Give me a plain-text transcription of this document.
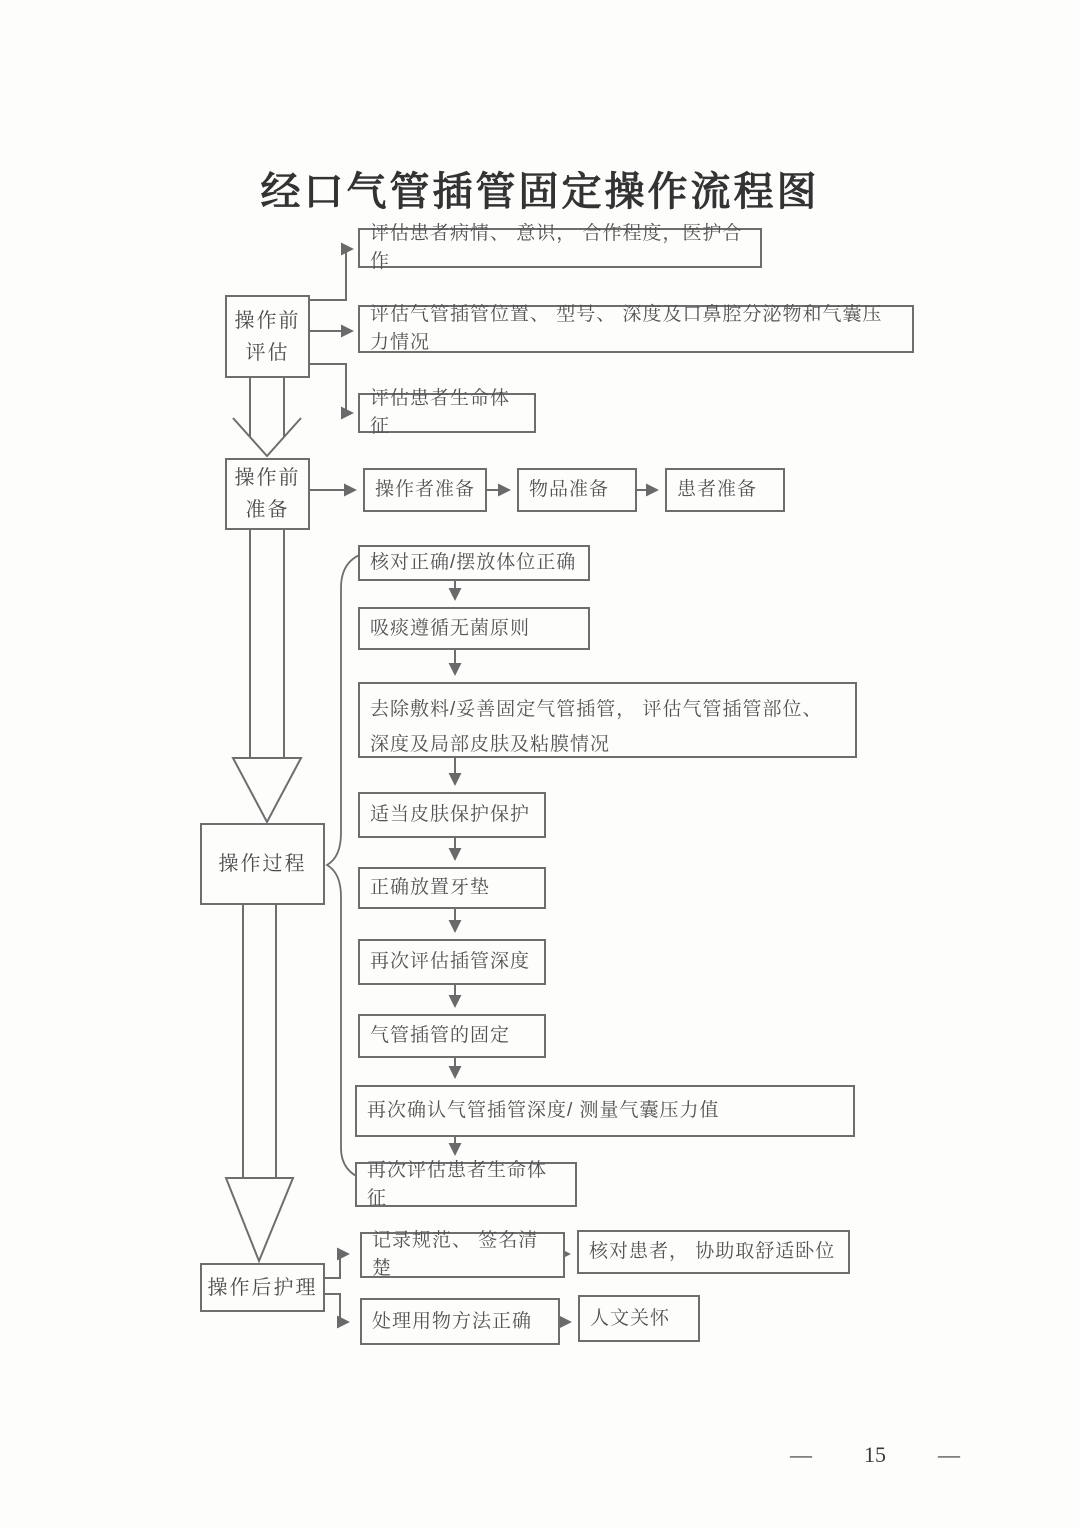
经口气管插管固定操作流程图
操作前
评估
操作前
准备
操作过程
操作后护理
评估患者病情、 意识， 合作程度，医护合作
评估气管插管位置、 型号、 深度及口鼻腔分泌物和气囊压力情况
评估患者生命体征
操作者准备	物品准备	患者准备
核对正确/摆放体位正确
吸痰遵循无菌原则
去除敷料/妥善固定气管插管， 评估气管插管部位、 深度及局部皮肤及粘膜情况
适当皮肤保护保护
正确放置牙垫
再次评估插管深度
气管插管的固定
再次确认气管插管深度/ 测量气囊压力值
再次评估患者生命体征
记录规范、 签名清楚
核对患者， 协助取舒适卧位
处理用物方法正确	人文关怀
— 15 —
